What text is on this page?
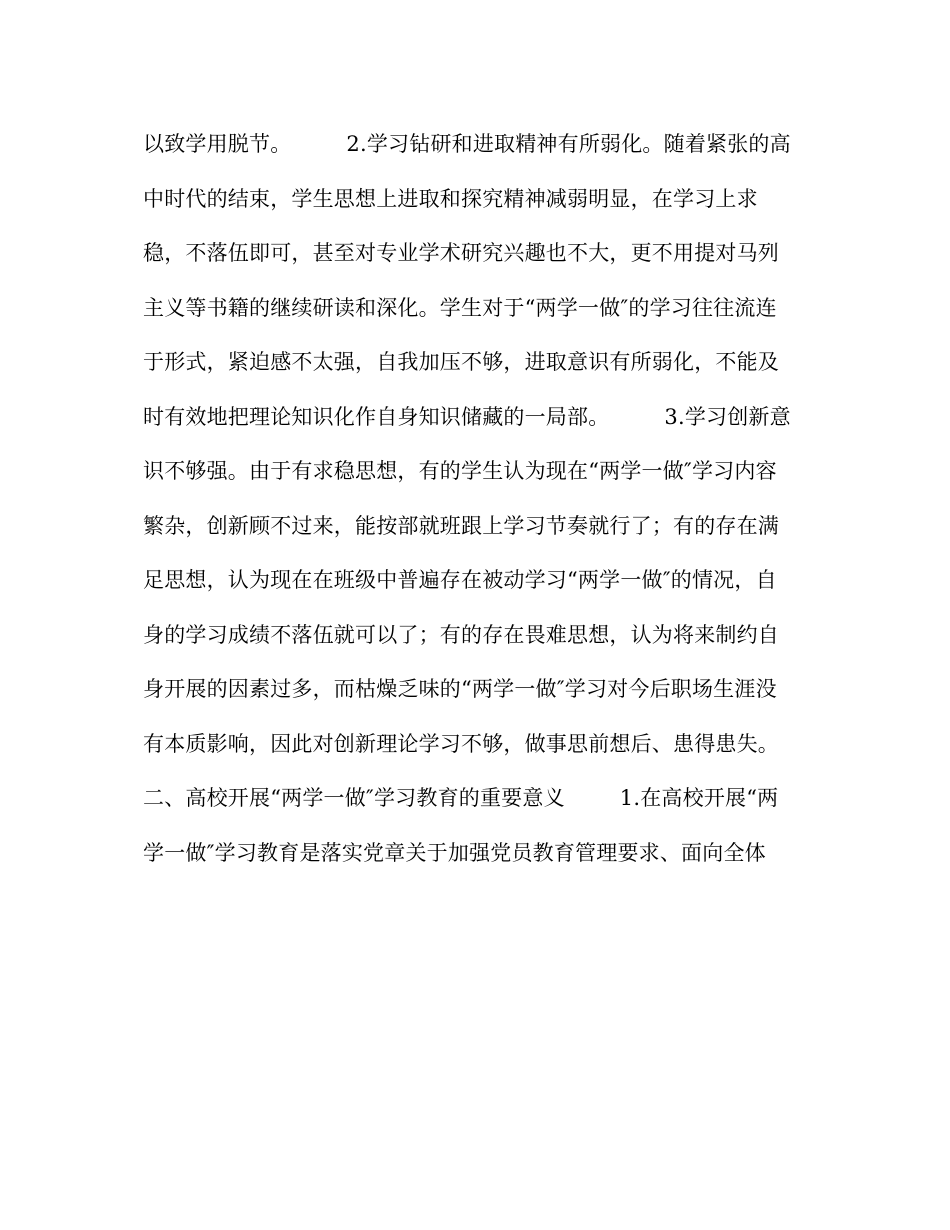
以致学用脱节。        2.学习钻研和进取精神有所弱化。随着紧张的高
中时代的结束，学生思想上进取和探究精神减弱明显，在学习上求
稳，不落伍即可，甚至对专业学术研究兴趣也不大，更不用提对马列
主义等书籍的继续研读和深化。学生对于“两学一做″的学习往往流连
于形式，紧迫感不太强，自我加压不够，进取意识有所弱化，不能及
时有效地把理论知识化作自身知识储藏的一局部。        3.学习创新意
识不够强。由于有求稳思想，有的学生认为现在“两学一做″学习内容
繁杂，创新顾不过来，能按部就班跟上学习节奏就行了；有的存在满
足思想，认为现在在班级中普遍存在被动学习“两学一做″的情况，自
身的学习成绩不落伍就可以了；有的存在畏难思想，认为将来制约自
身开展的因素过多，而枯燥乏味的“两学一做″学习对今后职场生涯没
有本质影响，因此对创新理论学习不够，做事思前想后、患得患失。
二、高校开展“两学一做″学习教育的重要意义        1.在高校开展“两
学一做″学习教育是落实党章关于加强党员教育管理要求、面向全体
